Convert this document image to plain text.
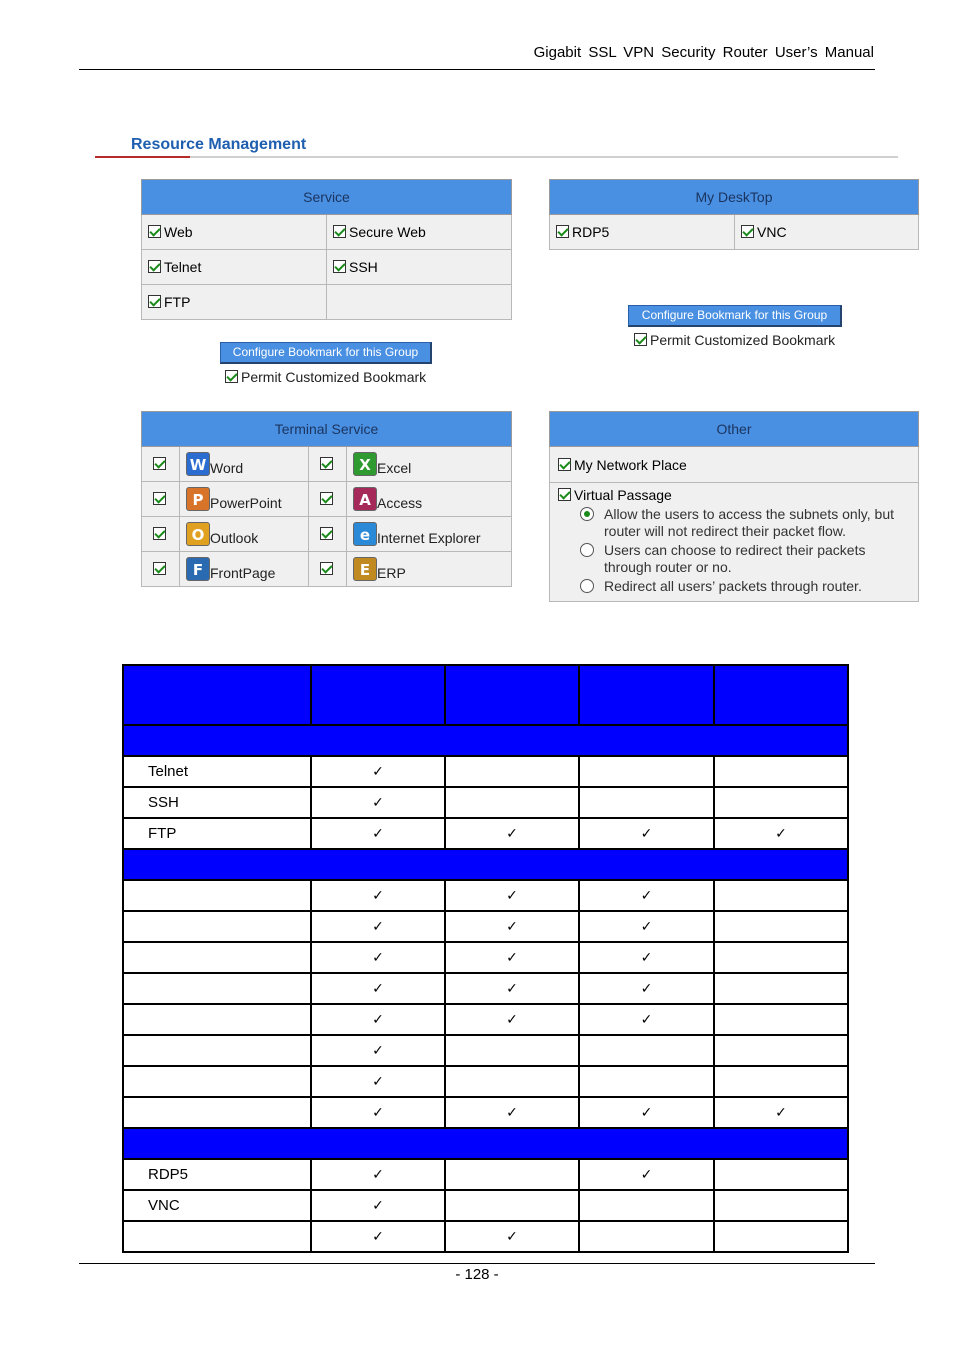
Gigabit SSL VPN Security Router User’s Manual
Resource Management
Service	
Web	Secure Web
Telnet	SSH
FTP	
Configure Bookmark for this Group
Permit Customized Bookmark
My DeskTop
RDP5	VNC
Configure Bookmark for this Group
Permit Customized Bookmark
Terminal Service			
	W Word		X Excel
	P PowerPoint		A Access
	O Outlook		e Internet Explorer
	F FrontPage		E ERP
Other
My Network Place

Virtual Passage
Allow the users to access the subnets only, but router will not redirect their packet flow.
Users can choose to redirect their packets through router or no.
Redirect all users’ packets through router.

Telnet	✓			
SSH	✓			
FTP	✓	✓	✓	✓

	✓	✓	✓	
	✓	✓	✓	
	✓	✓	✓	
	✓	✓	✓	
	✓	✓	✓	
	✓			
	✓			
	✓	✓	✓	✓

RDP5	✓		✓	
VNC	✓			
	✓	✓		
- 128 -
